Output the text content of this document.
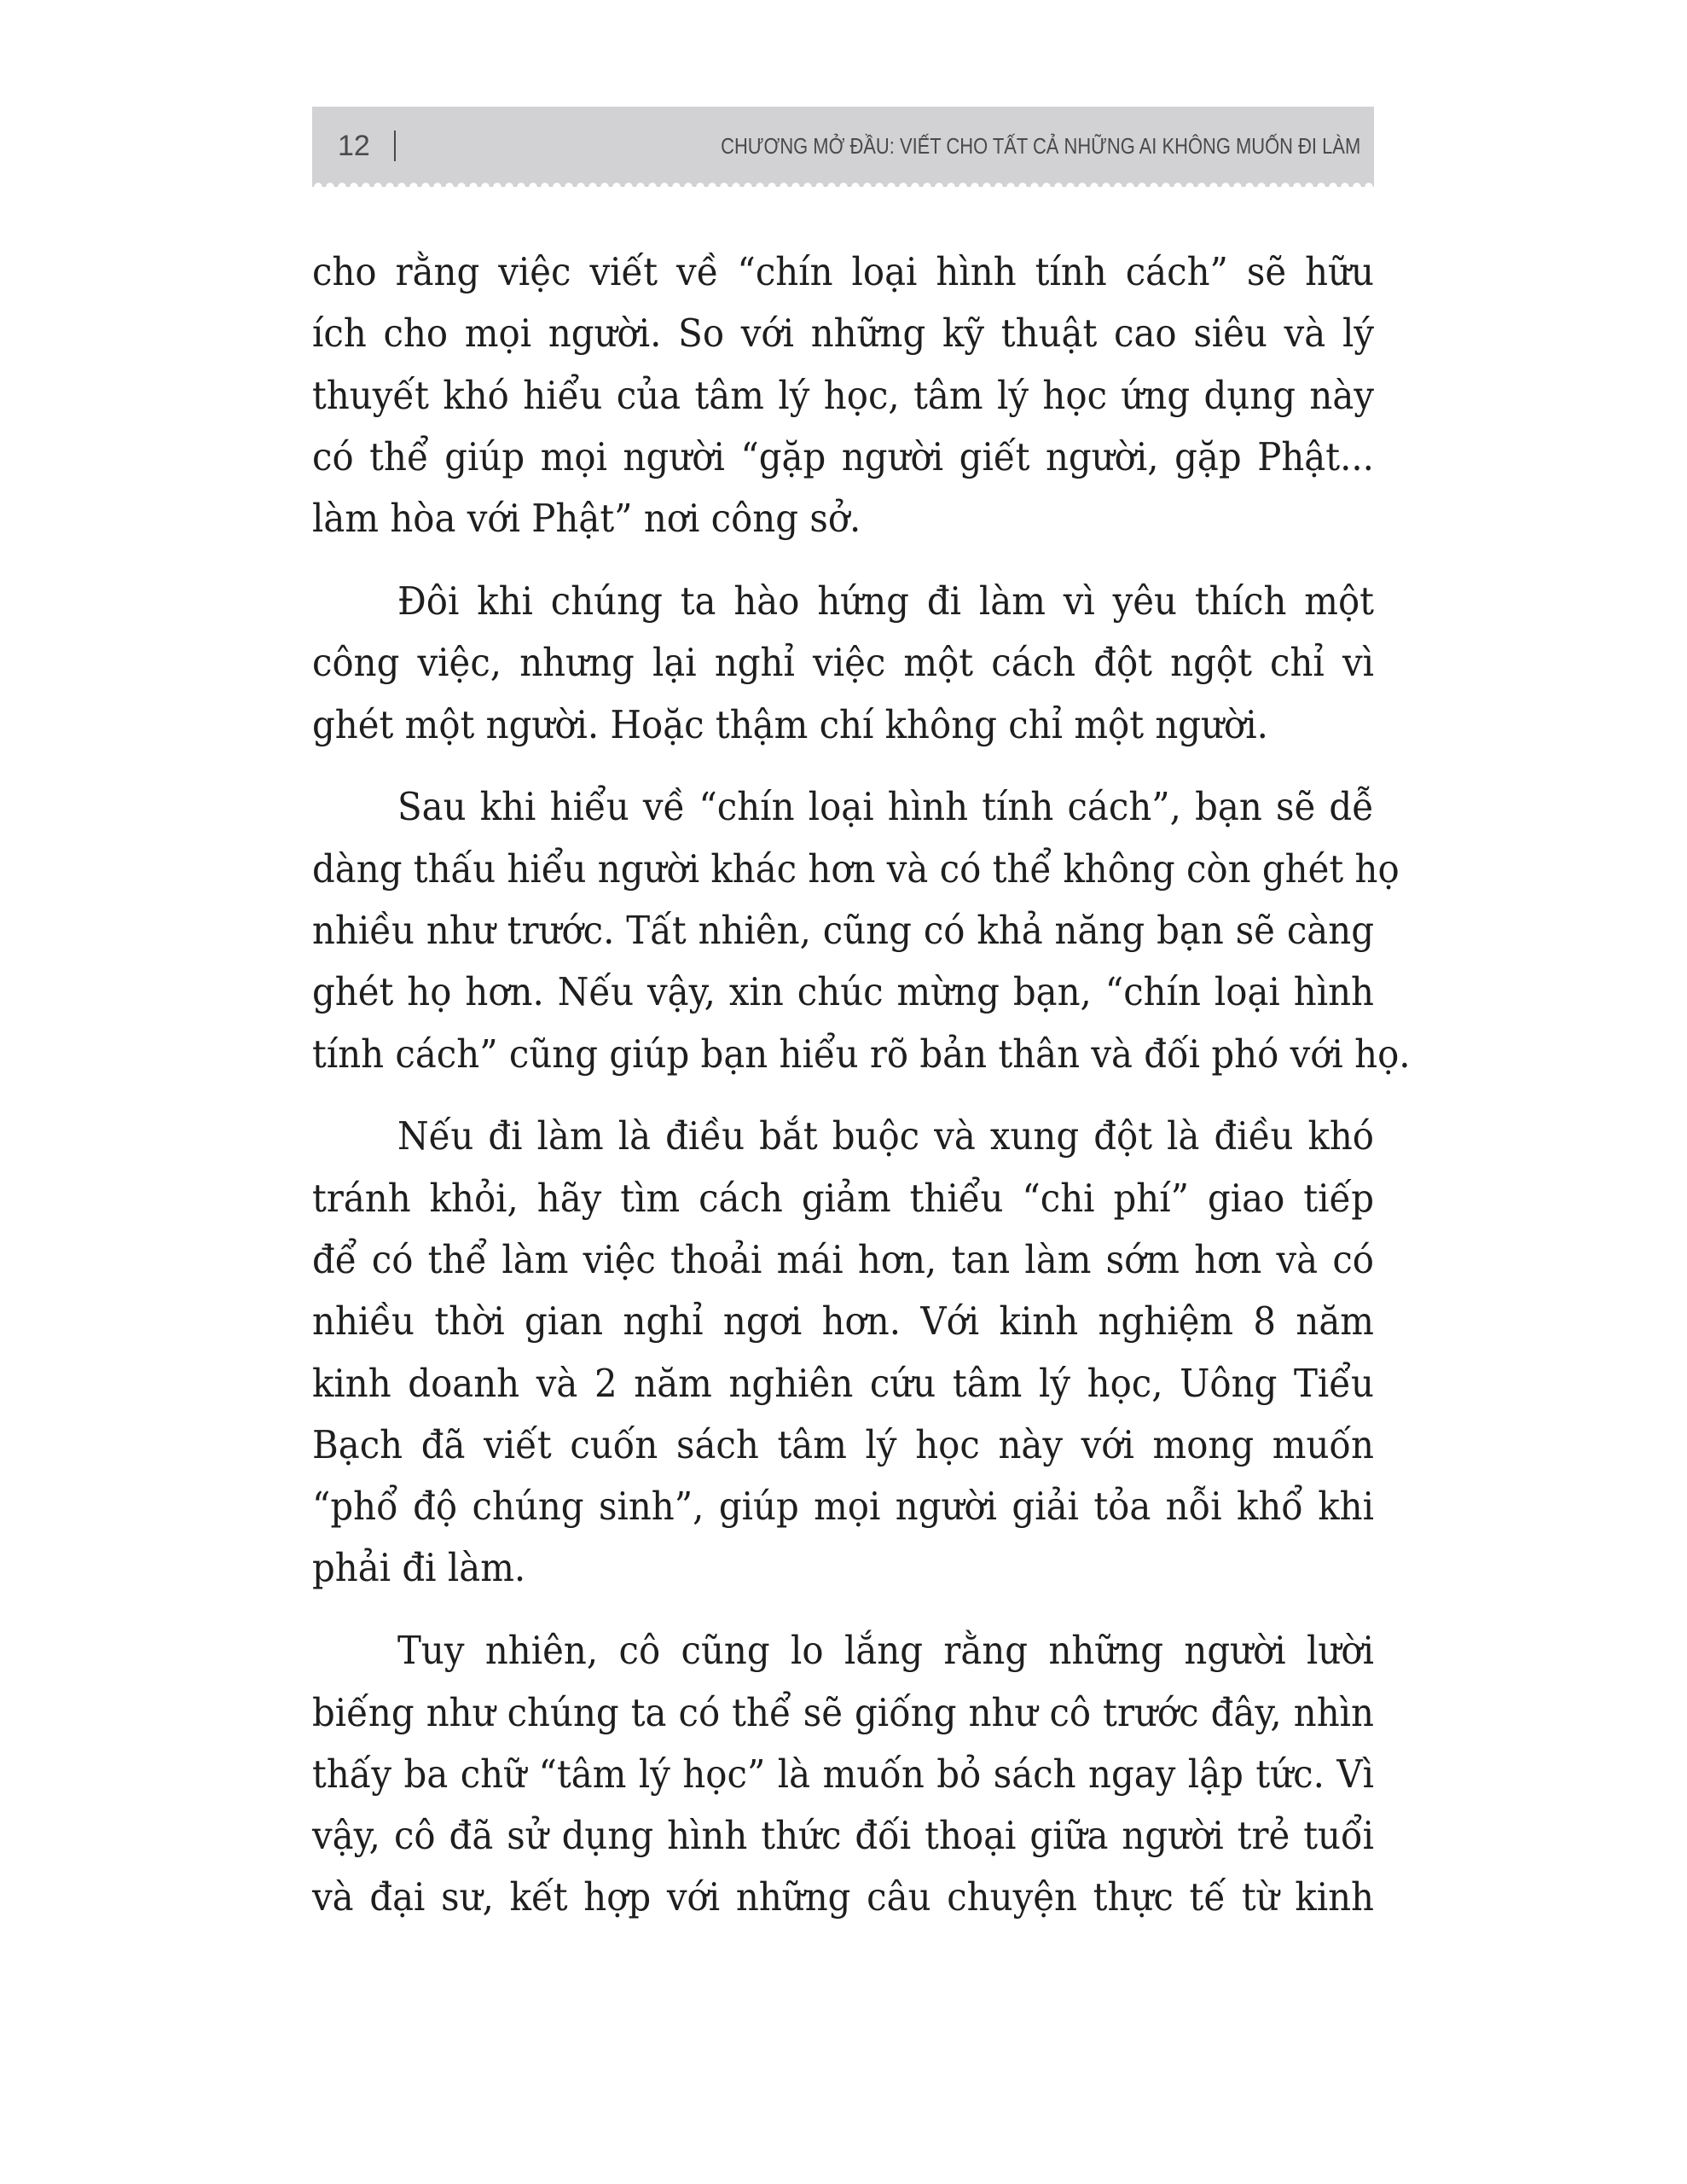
12	CHƯƠNG MỞ ĐẦU: VIẾT CHO TẤT CẢ NHỮNG AI KHÔNG MUỐN ĐI LÀM
cho rằng việc viết về “chín loại hình tính cách” sẽ hữu
ích cho mọi người. So với những kỹ thuật cao siêu và lý
thuyết khó hiểu của tâm lý học, tâm lý học ứng dụng này
có thể giúp mọi người “gặp người giết người, gặp Phật...
làm hòa với Phật” nơi công sở.
Đôi khi chúng ta hào hứng đi làm vì yêu thích một
công việc, nhưng lại nghỉ việc một cách đột ngột chỉ vì
ghét một người. Hoặc thậm chí không chỉ một người.
Sau khi hiểu về “chín loại hình tính cách”, bạn sẽ dễ
dàng thấu hiểu người khác hơn và có thể không còn ghét họ
nhiều như trước. Tất nhiên, cũng có khả năng bạn sẽ càng
ghét họ hơn. Nếu vậy, xin chúc mừng bạn, “chín loại hình
tính cách” cũng giúp bạn hiểu rõ bản thân và đối phó với họ.
Nếu đi làm là điều bắt buộc và xung đột là điều khó
tránh khỏi, hãy tìm cách giảm thiểu “chi phí” giao tiếp
để có thể làm việc thoải mái hơn, tan làm sớm hơn và có
nhiều thời gian nghỉ ngơi hơn. Với kinh nghiệm 8 năm
kinh doanh và 2 năm nghiên cứu tâm lý học, Uông Tiểu
Bạch đã viết cuốn sách tâm lý học này với mong muốn
“phổ độ chúng sinh”, giúp mọi người giải tỏa nỗi khổ khi
phải đi làm.
Tuy nhiên, cô cũng lo lắng rằng những người lười
biếng như chúng ta có thể sẽ giống như cô trước đây, nhìn
thấy ba chữ “tâm lý học” là muốn bỏ sách ngay lập tức. Vì
vậy, cô đã sử dụng hình thức đối thoại giữa người trẻ tuổi
và đại sư, kết hợp với những câu chuyện thực tế từ kinh
